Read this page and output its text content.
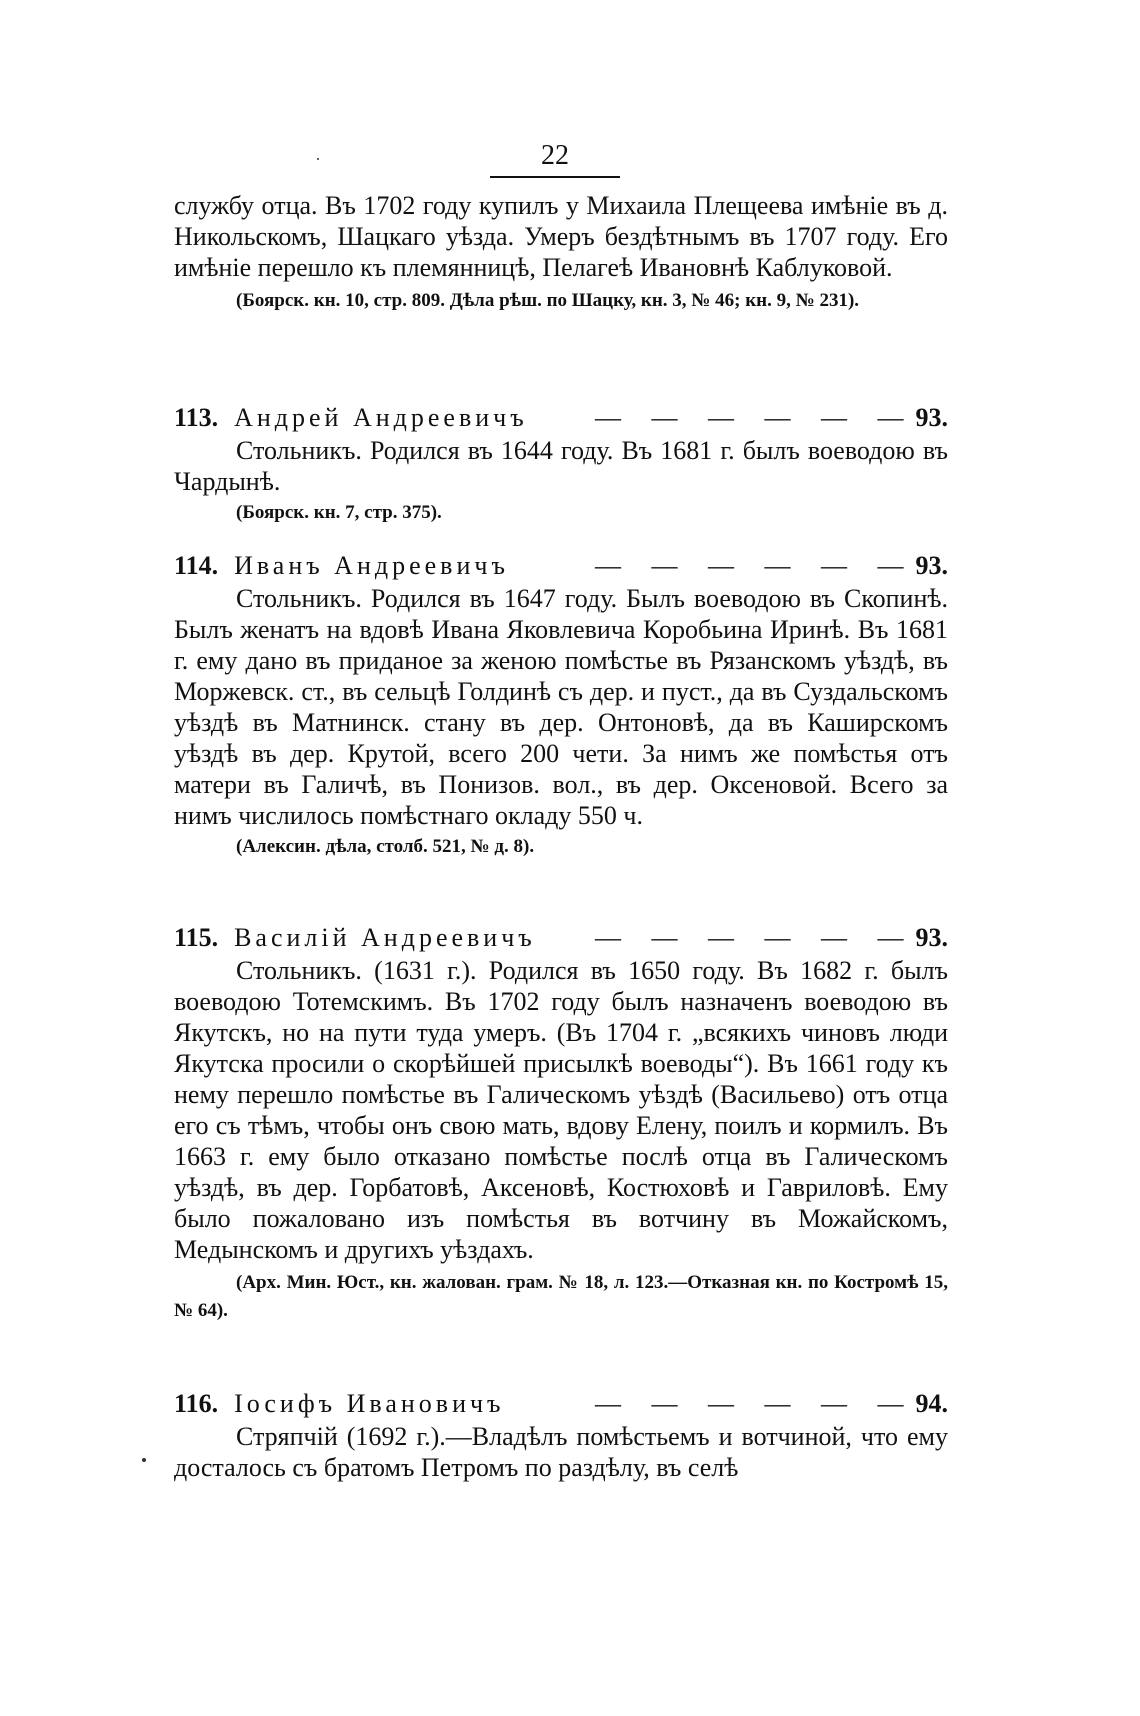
22

службу отца. Въ 1702 году купилъ у Михаила Плещеева имѣніе въ д. Никольскомъ, Шацкаго уѣзда. Умеръ бездѣтнымъ въ 1707 году. Его имѣніе перешло къ племянницѣ, Пелагеѣ Ивановнѣ Каблуковой.

(Боярск. кн. 10, стр. 809. Дѣла рѣш. по Шацку, кн. 3, № 46; кн. 9, № 231).

113. Андрей Андреевичъ	— — — — — — 93.

Стольникъ. Родился въ 1644 году. Въ 1681 г. былъ воеводою въ Чардынѣ.

(Боярск. кн. 7, стр. 375).

114. Иванъ Андреевичъ	— — — — — — 93.

Стольникъ. Родился въ 1647 году. Былъ воеводою въ Скопинѣ. Былъ женатъ на вдовѣ Ивана Яковлевича Коробьина Иринѣ. Въ 1681 г. ему дано въ приданое за женою помѣстье въ Рязанскомъ уѣздѣ, въ Моржевск. ст., въ сельцѣ Голдинѣ съ дер. и пуст., да въ Суздальскомъ уѣздѣ въ Матнинск. стану въ дер. Онтоновѣ, да въ Каширскомъ уѣздѣ въ дер. Крутой, всего 200 чети. За нимъ же помѣстья отъ матери въ Галичѣ, въ Понизов. вол., въ дер. Оксеновой. Всего за нимъ числилось помѣстнаго окладу 550 ч.

(Алексин. дѣла, столб. 521, № д. 8).

115. Василій Андреевичъ	— — — — — — 93.

Стольникъ. (1631 г.). Родился въ 1650 году. Въ 1682 г. былъ воеводою Тотемскимъ. Въ 1702 году былъ назначенъ воеводою въ Якутскъ, но на пути туда умеръ. (Въ 1704 г. „всякихъ чиновъ люди Якутска просили о скорѣйшей присылкѣ воеводы“). Въ 1661 году къ нему перешло помѣстье въ Галическомъ уѣздѣ (Васильево) отъ отца его съ тѣмъ, чтобы онъ свою мать, вдову Елену, поилъ и кормилъ. Въ 1663 г. ему было отказано помѣстье послѣ отца въ Галическомъ уѣздѣ, въ дер. Горбатовѣ, Аксеновѣ, Костюховѣ и Гавриловѣ. Ему было пожаловано изъ помѣстья въ вотчину въ Можайскомъ, Медынскомъ и другихъ уѣздахъ.

(Арх. Мин. Юст., кн. жалован. грам. № 18, л. 123.—Отказная кн. по Костромѣ 15, № 64).

116. Іосифъ Ивановичъ	— — — — — — 94.

Стряпчій (1692 г.).—Владѣлъ помѣстьемъ и вотчиной, что ему досталось съ братомъ Петромъ по раздѣлу, въ селѣ
